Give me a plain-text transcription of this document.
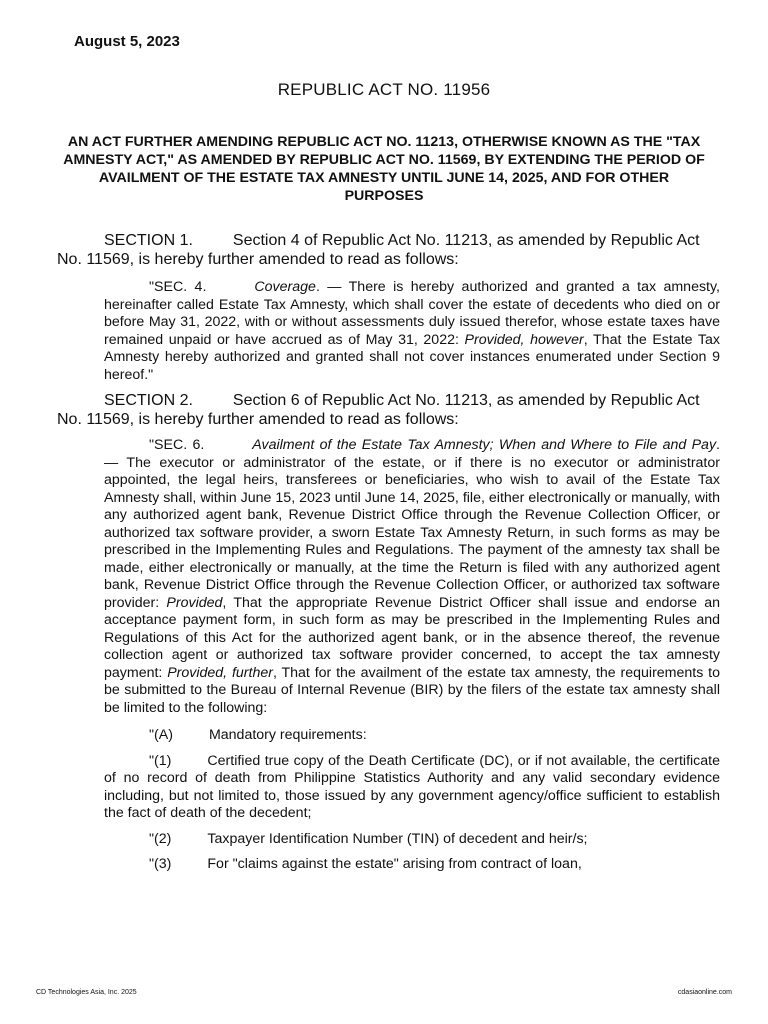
August 5, 2023
REPUBLIC ACT NO. 11956
AN ACT FURTHER AMENDING REPUBLIC ACT NO. 11213, OTHERWISE KNOWN AS THE "TAX AMNESTY ACT," AS AMENDED BY REPUBLIC ACT NO. 11569, BY EXTENDING THE PERIOD OF AVAILMENT OF THE ESTATE TAX AMNESTY UNTIL JUNE 14, 2025, AND FOR OTHER PURPOSES

SECTION 1.	Section 4 of Republic Act No. 11213, as amended by Republic Act No. 11569, is hereby further amended to read as follows:

"SEC. 4.	Coverage. — There is hereby authorized and granted a tax amnesty, hereinafter called Estate Tax Amnesty, which shall cover the estate of decedents who died on or before May 31, 2022, with or without assessments duly issued therefor, whose estate taxes have remained unpaid or have accrued as of May 31, 2022: Provided, however, That the Estate Tax Amnesty hereby authorized and granted shall not cover instances enumerated under Section 9 hereof."

SECTION 2.	Section 6 of Republic Act No. 11213, as amended by Republic Act No. 11569, is hereby further amended to read as follows:

"SEC. 6.	Availment of the Estate Tax Amnesty; When and Where to File and Pay. — The executor or administrator of the estate, or if there is no executor or administrator appointed, the legal heirs, transferees or beneficiaries, who wish to avail of the Estate Tax Amnesty shall, within June 15, 2023 until June 14, 2025, file, either electronically or manually, with any authorized agent bank, Revenue District Office through the Revenue Collection Officer, or authorized tax software provider, a sworn Estate Tax Amnesty Return, in such forms as may be prescribed in the Implementing Rules and Regulations. The payment of the amnesty tax shall be made, either electronically or manually, at the time the Return is filed with any authorized agent bank, Revenue District Office through the Revenue Collection Officer, or authorized tax software provider: Provided, That the appropriate Revenue District Officer shall issue and endorse an acceptance payment form, in such form as may be prescribed in the Implementing Rules and Regulations of this Act for the authorized agent bank, or in the absence thereof, the revenue collection agent or authorized tax software provider concerned, to accept the tax amnesty payment: Provided, further, That for the availment of the estate tax amnesty, the requirements to be submitted to the Bureau of Internal Revenue (BIR) by the filers of the estate tax amnesty shall be limited to the following:

"(A)	Mandatory requirements:

"(1)	Certified true copy of the Death Certificate (DC), or if not available, the certificate of no record of death from Philippine Statistics Authority and any valid secondary evidence including, but not limited to, those issued by any government agency/office sufficient to establish the fact of death of the decedent;

"(2)	Taxpayer Identification Number (TIN) of decedent and heir/s;

"(3)	For "claims against the estate" arising from contract of loan,

CD Technologies Asia, Inc. 2025	cdasiaonline.com
